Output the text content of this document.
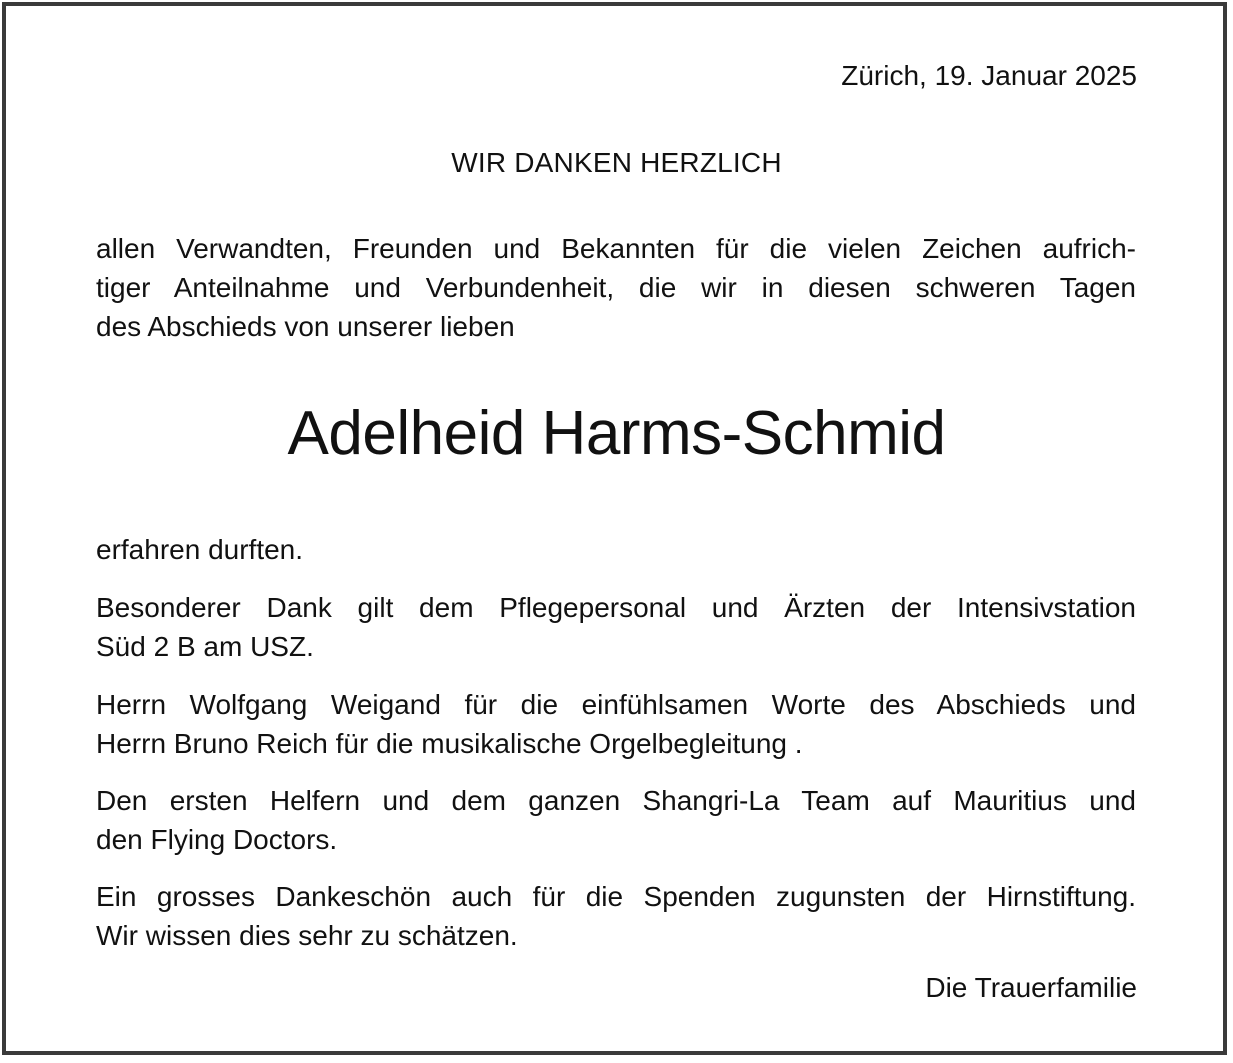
Zürich, 19. Januar 2025
WIR DANKEN HERZLICH
allen Verwandten, Freunden und Bekannten für die vielen Zeichen aufrich-
tiger Anteilnahme und Verbundenheit, die wir in diesen schweren Tagen
des Abschieds von unserer lieben
Adelheid Harms-Schmid
erfahren durften.
Besonderer Dank gilt dem Pflegepersonal und Ärzten der Intensivstation
Süd 2 B am USZ.
Herrn Wolfgang Weigand für die einfühlsamen Worte des Abschieds und
Herrn Bruno Reich für die musikalische Orgelbegleitung .
Den ersten Helfern und dem ganzen Shangri-La Team auf Mauritius und
den Flying Doctors.
Ein grosses Dankeschön auch für die Spenden zugunsten der Hirnstiftung.
Wir wissen dies sehr zu schätzen.
Die Trauerfamilie
